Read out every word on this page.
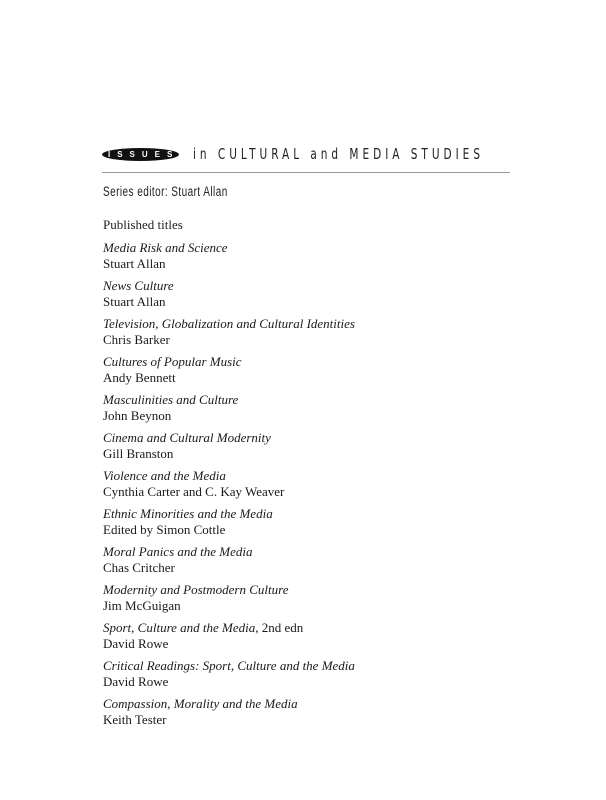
ISSUES in CULTURAL and MEDIA STUDIES
Series editor: Stuart Allan
Published titles
Media Risk and Science
Stuart Allan
News Culture
Stuart Allan
Television, Globalization and Cultural Identities
Chris Barker
Cultures of Popular Music
Andy Bennett
Masculinities and Culture
John Beynon
Cinema and Cultural Modernity
Gill Branston
Violence and the Media
Cynthia Carter and C. Kay Weaver
Ethnic Minorities and the Media
Edited by Simon Cottle
Moral Panics and the Media
Chas Critcher
Modernity and Postmodern Culture
Jim McGuigan
Sport, Culture and the Media, 2nd edn
David Rowe
Critical Readings: Sport, Culture and the Media
David Rowe
Compassion, Morality and the Media
Keith Tester
